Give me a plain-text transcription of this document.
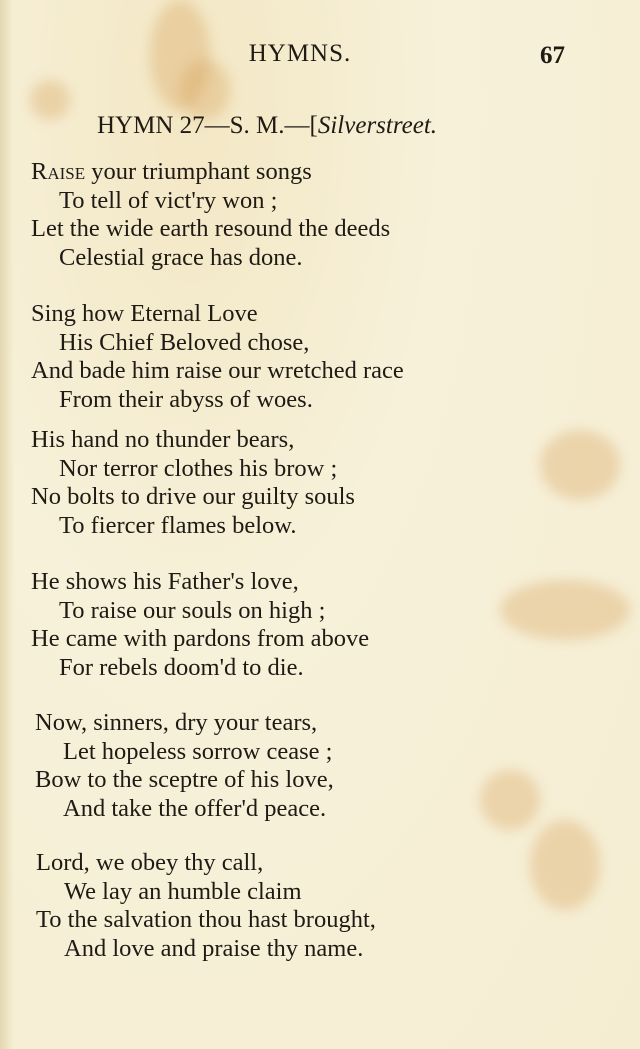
HYMNS.	67
HYMN 27—S. M.—[Silverstreet.
Raise your triumphant songs
To tell of vict'ry won ;
Let the wide earth resound the deeds
Celestial grace has done.
Sing how Eternal Love
His Chief Beloved chose,
And bade him raise our wretched race
From their abyss of woes.
His hand no thunder bears,
Nor terror clothes his brow ;
No bolts to drive our guilty souls
To fiercer flames below.
He shows his Father's love,
To raise our souls on high ;
He came with pardons from above
For rebels doom'd to die.
Now, sinners, dry your tears,
Let hopeless sorrow cease ;
Bow to the sceptre of his love,
And take the offer'd peace.
Lord, we obey thy call,
We lay an humble claim
To the salvation thou hast brought,
And love and praise thy name.
